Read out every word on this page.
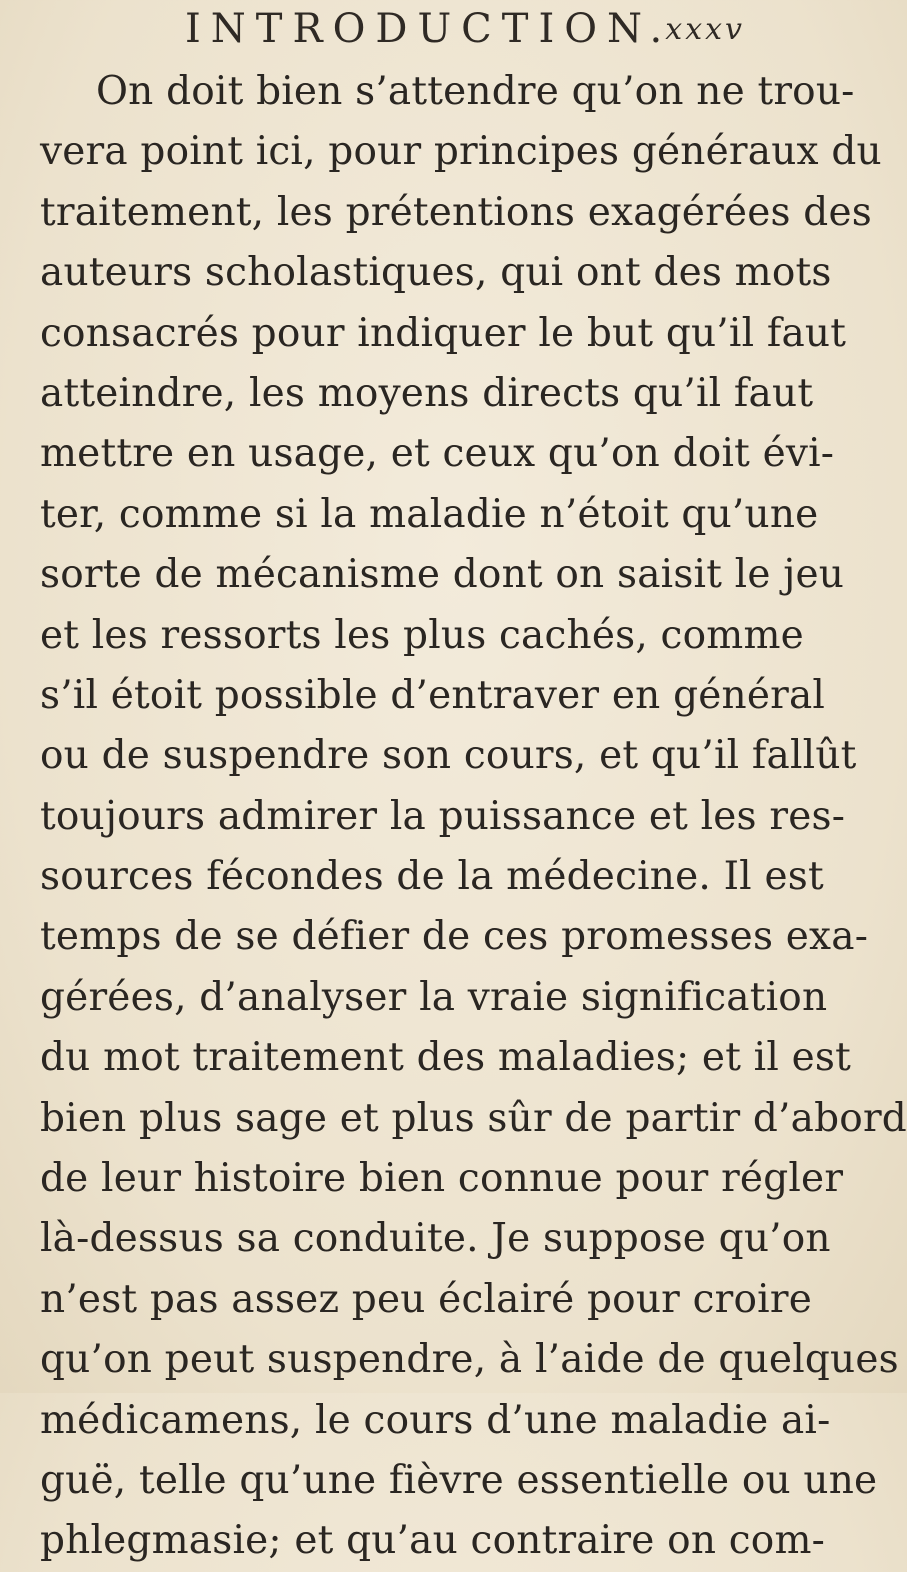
INTRODUCTION.
xxxv
On doit bien s’attendre qu’on ne trou-
vera point ici, pour principes généraux du
traitement, les prétentions exagérées des
auteurs scholastiques, qui ont des mots
consacrés pour indiquer le but qu’il faut
atteindre, les moyens directs qu’il faut
mettre en usage, et ceux qu’on doit évi-
ter, comme si la maladie n’étoit qu’une
sorte de mécanisme dont on saisit le jeu
et les ressorts les plus cachés, comme
s’il étoit possible d’entraver en général
ou de suspendre son cours, et qu’il fallût
toujours admirer la puissance et les res-
sources fécondes de la médecine. Il est
temps de se défier de ces promesses exa-
gérées, d’analyser la vraie signification
du mot traitement des maladies; et il est
bien plus sage et plus sûr de partir d’abord
de leur histoire bien connue pour régler
là-dessus sa conduite. Je suppose qu’on
n’est pas assez peu éclairé pour croire
qu’on peut suspendre, à l’aide de quelques
médicamens, le cours d’une maladie ai-
guë, telle qu’une fièvre essentielle ou une
phlegmasie; et qu’au contraire on com-
